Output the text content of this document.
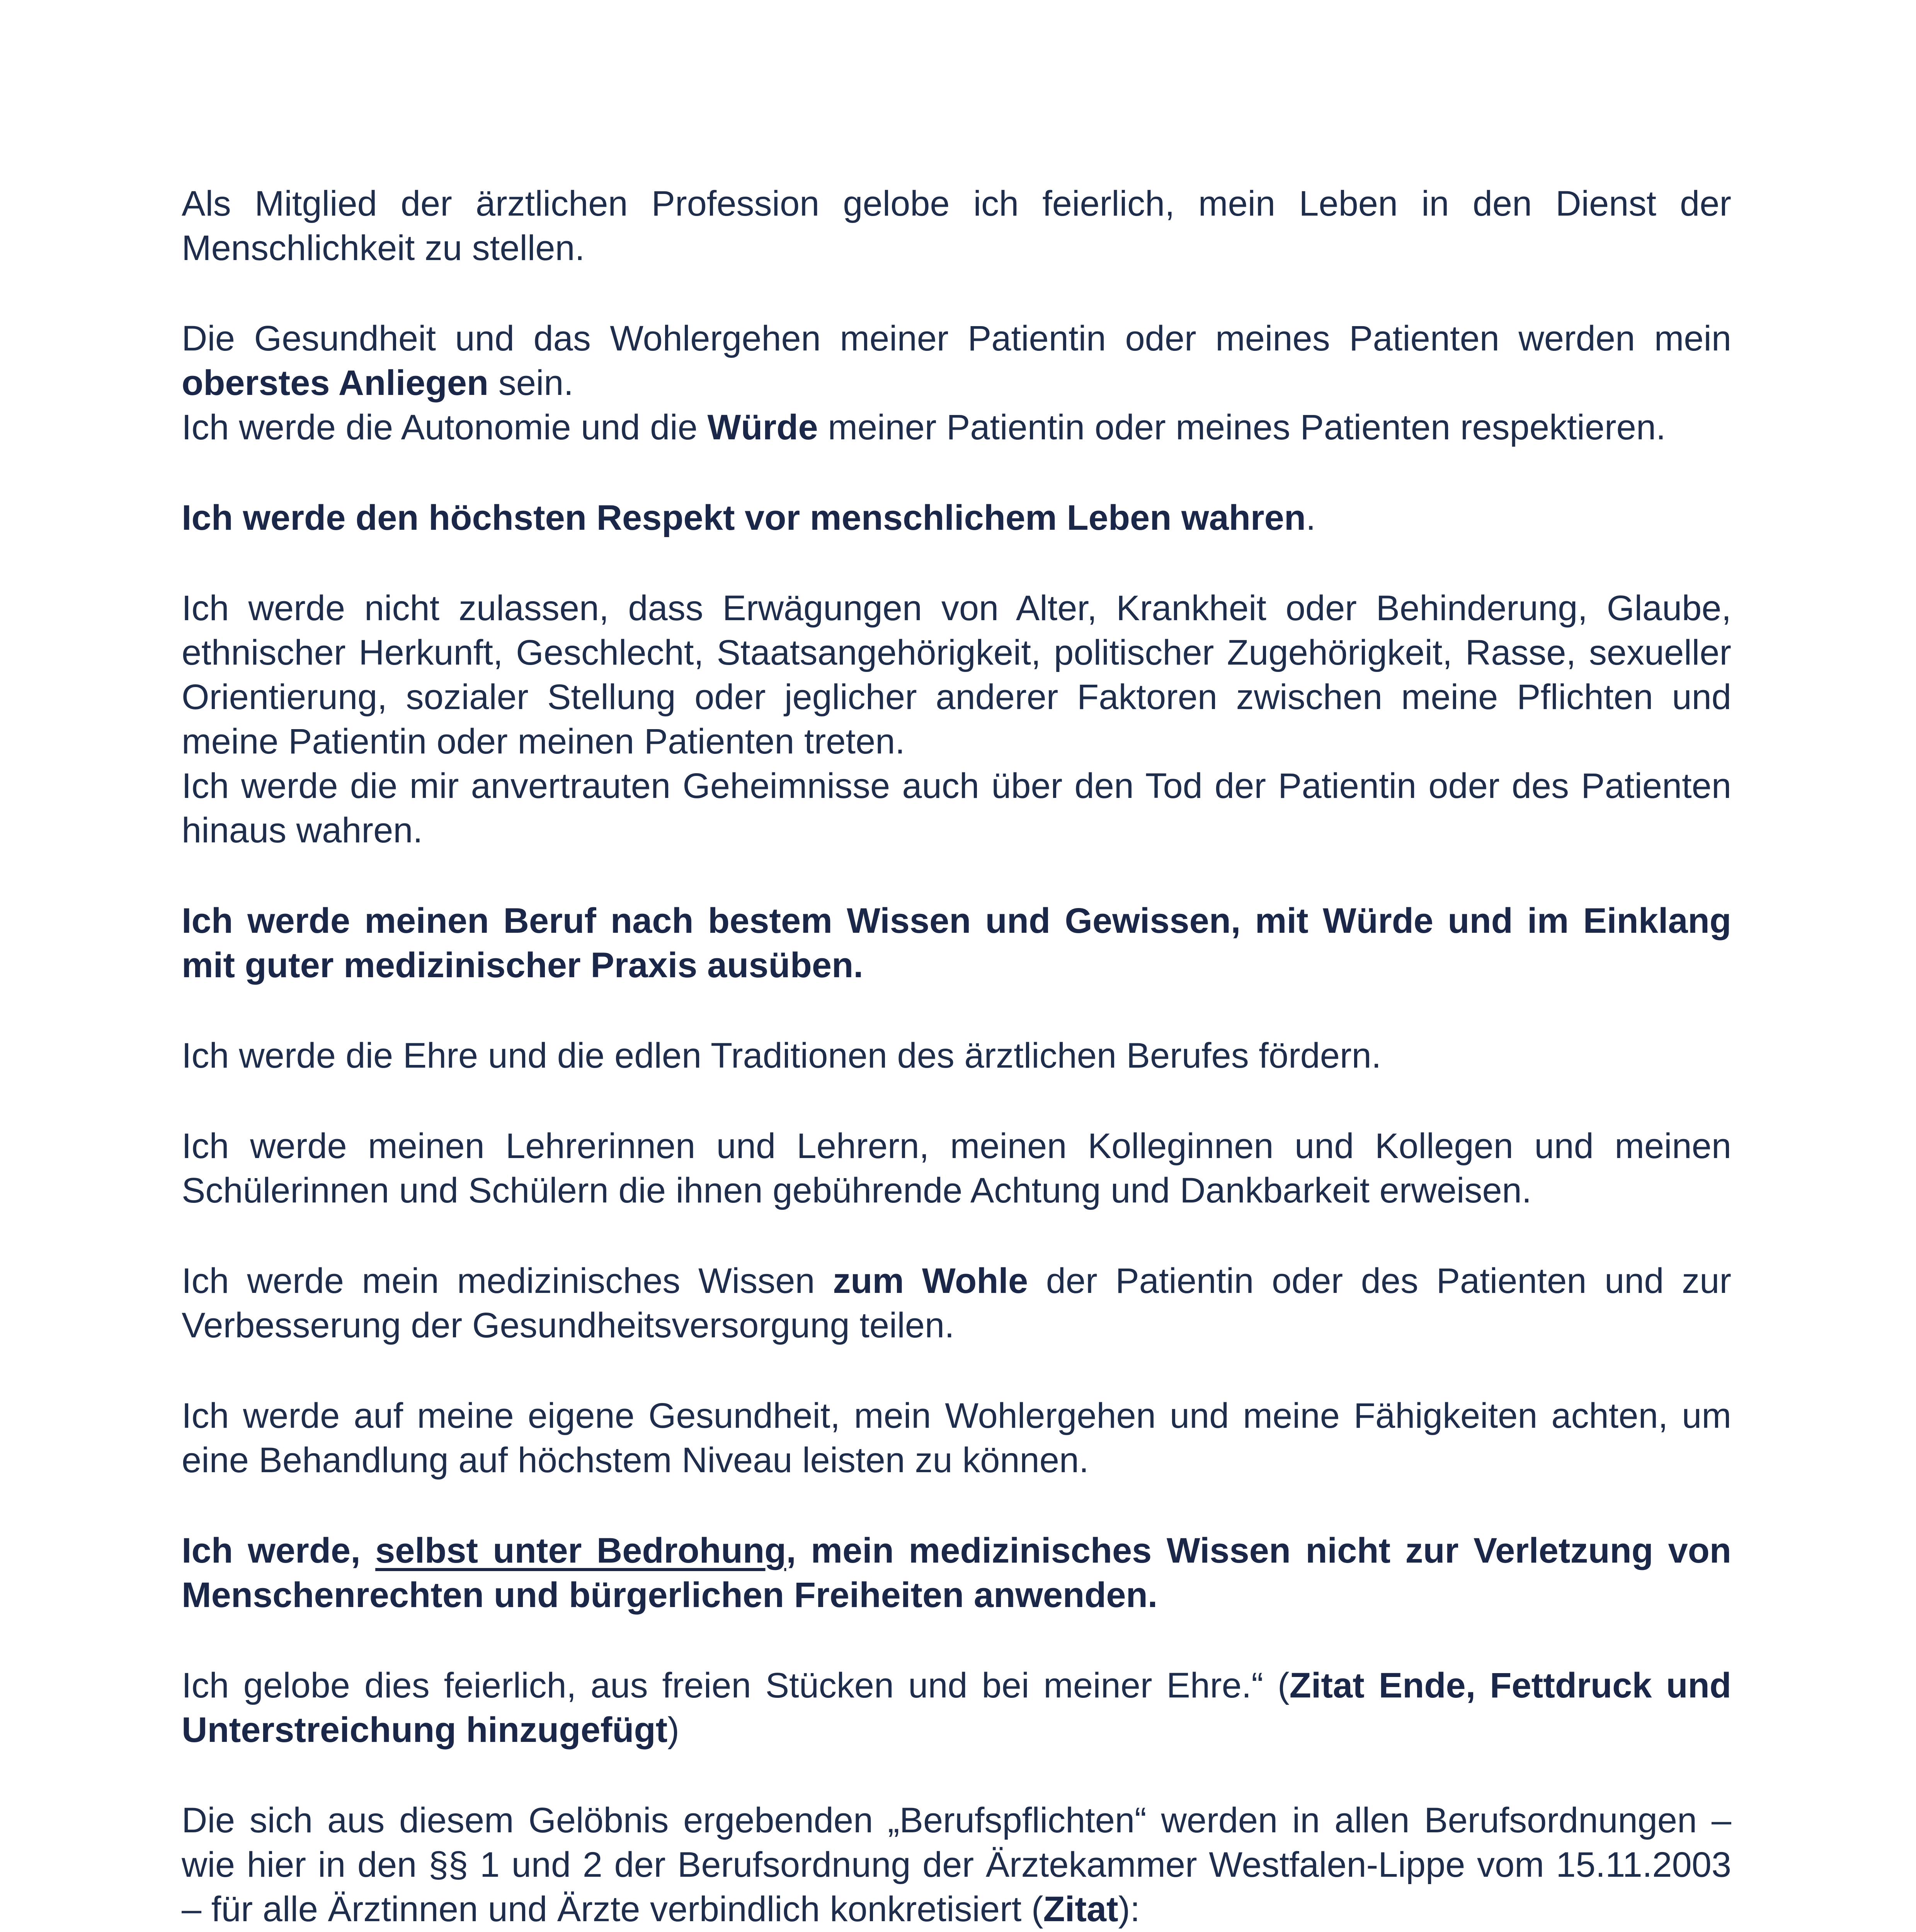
Als Mitglied der ärztlichen Profession gelobe ich feierlich, mein Leben in den Dienst der Menschlichkeit zu stellen.

Die Gesundheit und das Wohlergehen meiner Patientin oder meines Patienten werden mein oberstes Anliegen sein.

Ich werde die Autonomie und die Würde meiner Patientin oder meines Patienten respektieren.

Ich werde den höchsten Respekt vor menschlichem Leben wahren.

Ich werde nicht zulassen, dass Erwägungen von Alter, Krankheit oder Behinderung, Glaube, ethnischer Herkunft, Geschlecht, Staatsangehörigkeit, politischer Zugehörigkeit, Rasse, sexueller Orientierung, sozialer Stellung oder jeglicher anderer Faktoren zwischen meine Pflichten und meine Patientin oder meinen Patienten treten.

Ich werde die mir anvertrauten Geheimnisse auch über den Tod der Patientin oder des Patienten hinaus wahren.

Ich werde meinen Beruf nach bestem Wissen und Gewissen, mit Würde und im Einklang mit guter medizinischer Praxis ausüben.

Ich werde die Ehre und die edlen Traditionen des ärztlichen Berufes fördern.

Ich werde meinen Lehrerinnen und Lehrern, meinen Kolleginnen und Kollegen und meinen Schülerinnen und Schülern die ihnen gebührende Achtung und Dankbarkeit erweisen.

Ich werde mein medizinisches Wissen zum Wohle der Patientin oder des Patienten und zur Verbesserung der Gesundheitsversorgung teilen.

Ich werde auf meine eigene Gesundheit, mein Wohlergehen und meine Fähigkeiten achten, um eine Behandlung auf höchstem Niveau leisten zu können.

Ich werde, selbst unter Bedrohung, mein medizinisches Wissen nicht zur Verletzung von Menschenrechten und bürgerlichen Freiheiten anwenden.

Ich gelobe dies feierlich, aus freien Stücken und bei meiner Ehre.“ (Zitat Ende, Fettdruck und Unterstreichung hinzugefügt)

Die sich aus diesem Gelöbnis ergebenden „Berufspflichten“ werden in allen Berufsordnungen – wie hier in den §§ 1 und 2 der Berufsordnung der Ärztekammer Westfalen-Lippe vom 15.11.2003 – für alle Ärztinnen und Ärzte verbindlich konkretisiert (Zitat):
